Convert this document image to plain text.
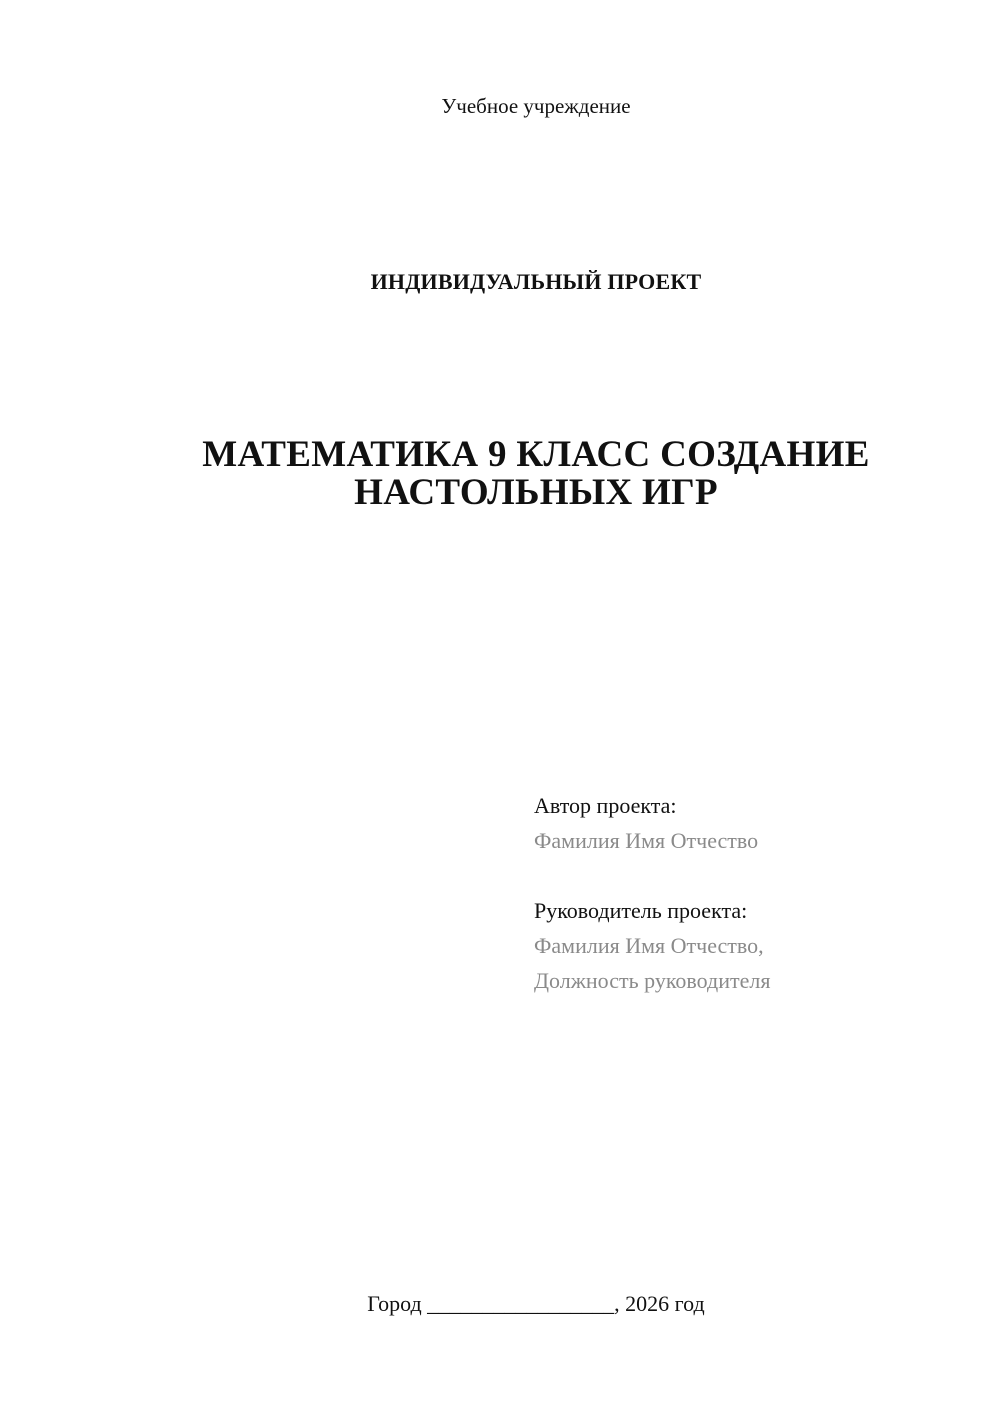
Учебное учреждение
ИНДИВИДУАЛЬНЫЙ ПРОЕКТ
МАТЕМАТИКА 9 КЛАСС СОЗДАНИЕ
НАСТОЛЬНЫХ ИГР
Автор проекта:
Фамилия Имя Отчество
Руководитель проекта:
Фамилия Имя Отчество,
Должность руководителя
Город _________________, 2026 год
